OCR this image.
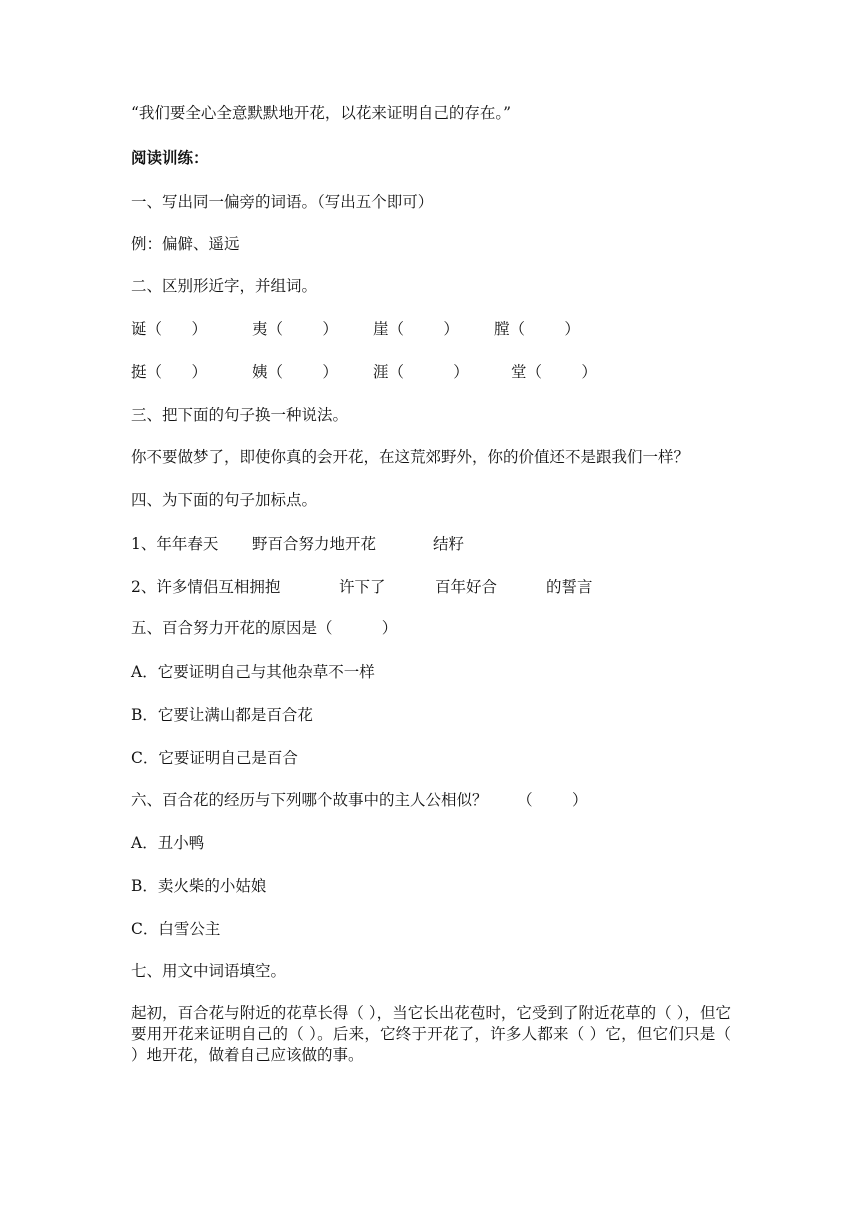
“我们要全心全意默默地开花，以花来证明自己的存在。”
阅读训练：
一、写出同一偏旁的词语。（写出五个即可）
例：偏僻、遥远
二、区别形近字，并组词。
诞（      ）	夷（        ） 崖（        ） 膛（        ）
挺（      ）	姨（        ） 涯（          ）	堂（        ）
三、把下面的句子换一种说法。
你不要做梦了，即使你真的会开花，在这荒郊野外，你的价值还不是跟我们一样？
四、为下面的句子加标点。
1、年年春天 野百合努力地开花	结籽
2、许多情侣互相拥抱	许下了	百年好合	的誓言
五、百合努力开花的原因是（          ）
A．它要证明自己与其他杂草不一样
B．它要让满山都是百合花
C．它要证明自己是百合
六、百合花的经历与下列哪个故事中的主人公相似？      （        ）
A．丑小鸭
B．卖火柴的小姑娘
C．白雪公主
七、用文中词语填空。
起初，百合花与附近的花草长得（ ），当它长出花苞时，它受到了附近花草的（ ），但它要用开花来证明自己的（ ）。后来，它终于开花了，许多人都来（ ）它，但它们只是（ ）地开花，做着自己应该做的事。
